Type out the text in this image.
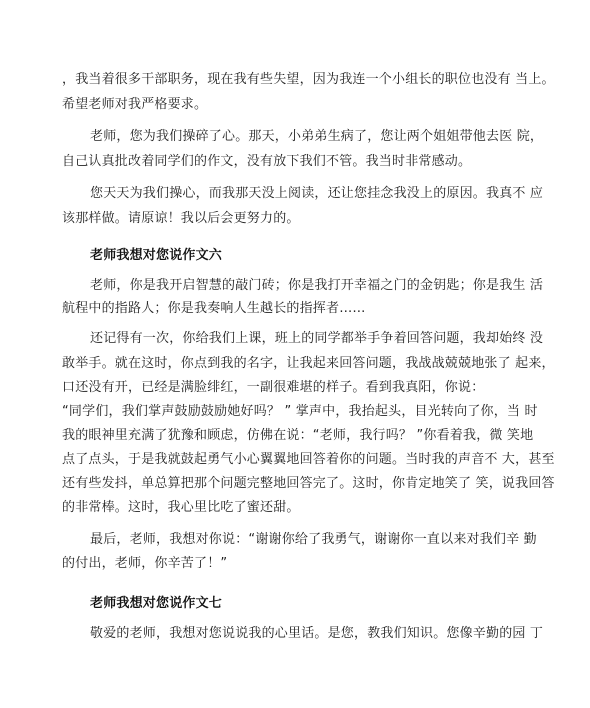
，我当着很多干部职务，现在我有些失望，因为我连一个小组长的职位也没有 当上。
希望老师对我严格要求。
老师，您为我们操碎了心。那天，小弟弟生病了，您让两个姐姐带他去医 院，
自己认真批改着同学们的作文，没有放下我们不管。我当时非常感动。
您天天为我们操心，而我那天没上阅读，还让您挂念我没上的原因。我真不 应
该那样做。请原谅！我以后会更努力的。
老师我想对您说作文六
老师，你是我开启智慧的敲门砖；你是我打开幸福之门的金钥匙；你是我生 活
航程中的指路人；你是我奏响人生越长的指挥者……
还记得有一次，你给我们上课，班上的同学都举手争着回答问题，我却始终 没
敢举手。就在这时，你点到我的名字，让我起来回答问题，我战战兢兢地张了 起来，
口还没有开，已经是满脸绯红，一副很难堪的样子。看到我真阳，你说：
“同学们，我们掌声鼓励鼓励她好吗？ ” 掌声中，我抬起头，目光转向了你，当 时
我的眼神里充满了犹豫和顾虑，仿佛在说：“老师，我行吗？ ”你看着我，微 笑地
点了点头，于是我就鼓起勇气小心翼翼地回答着你的问题。当时我的声音不 大，甚至
还有些发抖，单总算把那个问题完整地回答完了。这时，你肯定地笑了 笑，说我回答
的非常棒。这时，我心里比吃了蜜还甜。
最后，老师，我想对你说：“谢谢你给了我勇气，谢谢你一直以来对我们辛 勤
的付出，老师，你辛苦了！”
老师我想对您说作文七
敬爱的老师，我想对您说说我的心里话。是您，教我们知识。您像辛勤的园 丁
